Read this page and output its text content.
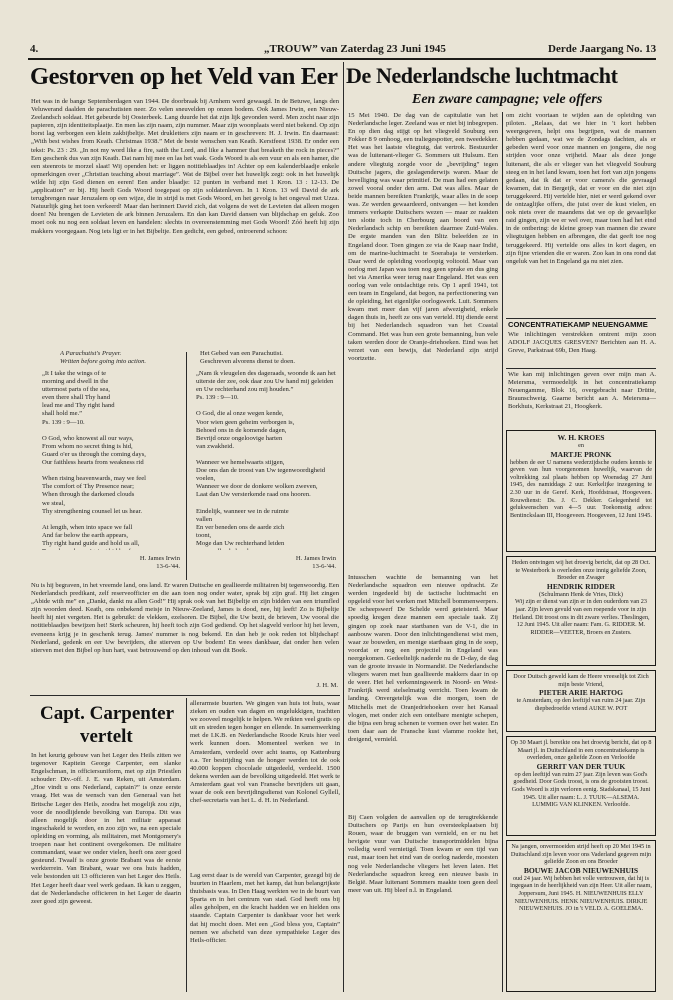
4.	„TROUW” van Zaterdag 23 Juni 1945	Derde Jaargang No. 13
Gestorven op het Veld van Eer
Het was in de bange Septemberdagen van 1944. De doorbraak bij Arnhem werd gewaagd. In de Betuwe, langs den Veluwerand daalden de parachutisten neer. Zo velen sneuvelden op onzen bodem. Ook James Irwin, een Nieuw-Zeelandsch soldaat. Het gebeurde bij Oosterbeek. Lang duurde het dat zijn lijk gevonden werd. Men zocht naar zijn papieren, zijn identiteitsplaatje. En men las zijn naam, zijn nummer. Maar zijn woonplaats werd niet bekend. Op zijn borst lag verborgen een klein zakbijbeltje. Met drukletters zijn naam er in geschreven: H. J. Irwin. En daarnaast: „With best wishes from Keath. Christmas 1938.” Met de beste wenschen van Keath. Kerstfeest 1938. Er onder een tekst: Ps. 23 : 29. „In not my word like a fire, saith the Lord, and like a hammer that breaketh the rock in pieces?” Een geschenk dus van zijn Keath. Dat nam hij mee en las het vaak. Gods Woord is als een vuur en als een hamer, die een steenrots te morzel slaat! Wij openden het: er liggen notitieblaadjes in! Achter op een kalenderblaadje enkele opmerkingen over „Christian teaching about marriage”. Wat de Bijbel over het huwelijk zegt: ook in het huwelijk wilde hij zijn God dienen en eeren! Een ander blaadje: 12 punten in verband met 1 Kron. 13 : 12-13. De „application” er bij. Hij heeft Gods Woord toegepast op zijn soldatenleven. In 1 Kron. 13 wil David de ark terugbrengen naar Jeruzalem op een wijze, die in strijd is met Gods Woord, en het gevolg is het ongeval met Uzza. Natuurlijk ging het toen verkeerd! Maar dan herinnert David zich, dat volgens de wet de Levieten dat alleen mogen doen! Nu brengen de Levieten de ark binnen Jeruzalem. En dan kan David dansen van blijdschap en geluk. Zoo moet ook nu nog een soldaat leven en handelen: slechts in overeenstemming met Gods Woord! Zóó heeft hij zijn makkers voorgegaan. Nog iets ligt er in het Bijbeltje. Een gedicht, een gebed, ontroerend schoon:
A Parachutist's Prayer.
Written before going into action.
Het Gebed van een Parachutist.
Geschreven alvorens dienst te doen.
„It I take the wings of te
morning and dwell in the
uttermost parts of the sea,
even there shall Thy hand
lead me and Thy right hand
shall hold me.”
Ps. 139 : 9—10.

O God, who knowest all our ways,
From whom no secret thing is hid,
Guard o'er us through the coming days,
Our faithless hearts from weakness rid

When rising heavenwards, may we feel
The comfort of Thy Presence near;
When through the darkened clouds
we steal,
Thy strengthening counsel let us hear.

At length, when into space we fall
And far below the earth appears,
Thy right hand guide and hold us all,

„Nam ik vleugelen des dageraads, woonde ik aan het uiterste der zee, ook daar zou Uw hand mij geleiden en Uw rechterhand zou mij houden.”
Ps. 139 : 9—10.

O God, die al onze wegen kende,
Voor wien geen geheim verborgen is,
Behoed ons in de komende dagen,
Bevrijd onze ongeloovige harten
van zwakheid.

Wanneer we hemelwaarts stijgen,
Doe ons dan de troost van Uw tegenwoordigheid voelen,
Wanneer we door de donkere wolken zweven,
Laat dan Uw versterkende raad ons hooren.

Eindelijk, wanneer we in de ruimte
vallen
En ver beneden ons de aarde zich
toont,
Moge dan Uw rechterhand leiden

H. James Irwin
13-6-'44.
H. James Irwin
13-6-'44.
Nu is hij begraven, in het vreemde land, ons land. Er waren Duitsche en geallieerde militairen bij tegenwoordig. Een Nederlandsch predikant, zelf reserveofficier en die aan toen nog onder water, sprak bij zijn graf. Hij liet zingen „Abide with me” en „Dankt, dankt nu allen God!” Hij sprak ook van het Bijbeltje en zijn bidden van een triumfled zijn woorden deed. Keath, ons onbekend meisje in Nieuw-Zeeland, James is dood, nee, hij leeft! Zo is Bijbeltje heeft hij niet vergeten. Het is gebruikt: de vlekken, ezelsoren. De Bijbel, die Uw bezit, de brieven, Uw vooral die notitieblaadjes bewijzen het! Sterk scheuren, hij heeft toch zijn God gediend. Op het slagveld verloor hij het leven, eveneens krijg je in geschenk terug. James' nummer is nog bekend. En dan heb je ook reden tot blijdschap! Nederland, gedenk en eer Uw bevrijders, die stierven op Uw bodem! En wees dankbaar, dat onder hen velen stierven met den Bijbel op hun hart, vast betrouwend op den inhoud van dit Boek.
J. H. M.
Capt. Carpenter
vertelt
In het keurig gebouw van het Leger des Heils zitten we tegenover Kapitein George Carpenter, een slanke Engelschman, in officiersuniform, met op zijn Priestlen schouder: Dtv.-off. J. E. van Reken, uit Amsterdam. „Hoe vindt u ons Nederland, captain?” is onze eerste vraag. Het was de wensch van den Generaal van het Britsche Leger des Heils, zoodra het mogelijk zou zijn, voor de noodlijdende bevolking van Europa. Dit was alleen mogelijk door in het militair apparaat ingeschakeld te worden, en zoo zijn we, na een speciale opleiding en vorming, als militairen, met Montgomery's troepen naar het continent overgekomen. De militaire commandant, waar we onder vielen, heeft ons zeer goed gesteund. Twaalf is onze groote Brabant was de eerste werkterrein. Van Brabant, waar we ons huis hadden, vele bestonden uit 13 officieren van het Leger des Heils. Het Leger heeft daar veel werk gedaan. Ik kan u zeggen, dat de Nederlandsche officieren in het Leger de daarin zeer goed zijn geweest.
allerarmste buurten. We gingen van huis tot huis, waar zieken en ouden van dagen en ongelukkigen, trachtten we zooveel mogelijk te helpen. We reikten veel gratis op uit en streden tegen honger en ellende. In samenwerking met de I.K.B. en Nederlandsche Roode Kruis hier veel werk kunnen doen. Momenteel werken we in Amsterdam, verdeeld over acht teams, op Kattenburg e.a. Ter bestrijding van de honger werden tot de ook 40.000 koppen chocolade uitgedeeld, verdeeld. 1500 dekens werden aan de bevolking uitgedeeld. Het werk te Amsterdam gaat vol van Fransche bevrijders uit gaan, waar de ook een bevrijdingsdienst van Kolonel Gyllell, chef-secretaris van het L. d. H. in Nederland.
Lag eerst daar is de wereld van Carpenter, gezegd bij de buurten in Haarlem, met het kamp, dat hun belangrijkste thuisbasis was. In Den Haag werkten we in de buurt van Sparta en in het centrum van stad. God heeft ons bij alles geholpen, en die kracht hadden we en hielden ons staande. Captain Carpenter is dankbaar voor het werk dat hij mocht doen. Met een „God bless you, Captain” nemen we afscheid van deze sympathieke Leger des Heils-officier.
De Nederlandsche luchtmacht
Een zware campagne; vele offers
15 Mei 1940. De dag van de capitulatie van het Nederlandsche leger. Zeeland was er niet bij inbegrepen. En op dien dag stijgt op het vliegveld Souburg een Fokker 8 9 omhoog, een traliegespotter, een tweedekker. Het was het laatste vliegtuig, dat vertrok. Bestuurder was de luitenant-vlieger G. Sommers uit Hulsum. Een andere vliegtuig zorgde voor de „bevrijding” tegen Duitsche jagers, die geslagenderwijs waren. Maar de bevelliging was waar primitief. De man had een gelaten zowel vooral onder den arm. Dat was alles. Maar de beide mannen bereikten Frankrijk, waar alles in de soep was. Ze werden gewaardeerd, ontvangen — het konden immers verkapte Duitschers wezen — maar ze raakten ten slotte toch in Cherbourg aan boord van een Nederlandsch schip en bereikten daarmee Zuid-Wales. De ergste manden van den Blitz beleefden ze in Engeland door. Toen gingen ze via de Kaap naar Indië, om de marine-luchtmacht te Soerabaja te versterken. Daar werd de opleiding voorloopig voltooid. Maar van oorlog met Japan was toen nog geen sprake en dus ging het via Amerika weer terug naar Engeland. Het was een oorlog van vele ontslachtige reis. Op 1 april 1941, tot een team in Engeland, dat begon, na perfectionering van de opleiding, het eigenlijke oorlogswerk. Luit. Sommers kwam met meer dan vijf jaren afwezigheid, enkele dagen thuis in, heeft ze ons van verteld. Hij diende eerst bij het Nederlandsch squadron van het Coastal Command. Het was hun een grote bemanning, hun vele taken werden door de Oranje-driehoeken. Eind was het verzet van een bewijs, dat Nederland zijn strijd voortzette.
Intusschen wachtte de bemanning van het Nederlandsche squadron een nieuwe opdracht. Ze werden ingedeeld bij de tactische luchtmacht en opgeleid voor het werken met Mitchell bommenwerpers. De scheepswerf De Schelde werd geteisterd. Maar spoedig kregen deze mannen een speciale taak. Zij gingen op zoek naar startbanen van de V-1, die in aanbouw waren. Door den inlichtingendienst wist men, waar ze bouwden, en menige startbaan ging in de soep, voordat er nog een projectiel in Engeland was neergekomen. Gedeeltelijk naderde nu de D-day, de dag van de groote invasie in Normandië. De Nederlandsche vliegers waren met hun geallieerde makkers daar in op de weer. Het hel verkenningswerk in Noord- en West-Frankrijk werd stelselmatig verricht. Toen kwam de landing. Onvergetelijk was die morgen, toen de Mitchells met de Oranjedriehoeken over het Kanaal vlogen, met onder zich een ontelbare menigte schepen, die bijna een brug schenen te vormen over het water. En toen daar aan de Fransche kust vlamme rookte het, dreigend, vernield.
Bij Caen volgden de aanvallen op de terugtrekkende Duitschers op Parijs en hun oversteekplaatsen bij Rouen, waar de bruggen van vernield, en er nu het hevigste vuur van Duitsche transportmiddelen bijna volledig werd vernietigd. Toen kwam er een tijd van rust, maar toen het eind van de oorlog naderde, moesten nog vele Nederlandsche vliegers het leven laten. Het Nederlandsche squadron kreeg een nieuwe basis in België. Maar luitenant Sommers maakte toen geen deel meer van uit. Hij bleef n.l. in Engeland.
om zicht voortaan te wijden aan de opleiding van piloten. „Relaas, dat we hier in 't kort hebben weergegeven, helpt ons begrijpen, wat de mannen hebben gedaan, wat we de Zondags dachten, als er gebeden werd voor onze mannen en jongens, die nog strijden voor onze vrijheid. Maar als deze jonge luitenant, die als er vlieger van het vliegveld Souburg steeg en in het land kwam, toen het fort van zijn jongens gedaan, dat ik dat er voor camera's die gevraagd kwamen, dat in Bergeijk, dat er voor en die niet zijn teruggekeerd. Hij vertelde hier, niet er werd gekend over de ontzaglijke offers, die juist over de kust vielen, en ook niets over de maandens dat we op de gevaarlijke raid gingen, zijn we er wel over, maar toen had het eind in de ontbering: de kleine groep van mannen die zware vliegtuigen hebben en afbrengen, die dat geeft toe nog teruggekeerd. Hij vertelde ons alles in kort dagen, en zijn fijne vrienden die er waren. Zoo kan in ons rond dat ongeluk van het in Engeland ga nu niet zien.
CONCENTRATIEKAMP NEUENGAMME
Wie inlichtingen verstrekken omtrent mijn zoon ADOLF JACQUES GRESVEN? Berichten aan H. A. Greve, Parkstraat 69b, Den Haag.
Wie kan mij inlichtingen geven over mijn man A. Meiersma, vermoedelijk in het concentratiekamp Neuengamme, Blok 16, overgebracht naar Drütte, Braunschweig. Gaarne bericht aan A. Meiersma—Borkhuis, Kerkstraat 21, Hoogkerk.
W. H. KROES
en
MARTJE PRONK
hebben de eer U namens wederzijdsche ouders kennis te geven van hun voorgenomen huwelijk, waarvan de voltrekking zal plaats hebben op Woensdag 27 Juni 1945, des namiddags 2 uur. Kerkelijke inzegening te 2.30 uur in de Geref. Kerk, Hoofdstraat, Hoogeveen. Rouwdienst: Ds. J. C. Dekker. Gelegenheid tot gelukwenschen van 4—5 uur. Toekomstig adres: Bentinckslaan III, Hoogeveen. Hoogeveen, 12 Juni 1945.
Heden ontvingen wij het droevig bericht, dat op 28 Oct. te Westerbork is overleden onze innig geliefde Zoon, Broeder en Zwager
HENDRIK RIDDER
(Schulmann Henk de Vries, Dick)
Wij zijn er dienst van zijn er in den ouderdom van 23 jaar. Zijn leven gevuld van een roepende voor in zijn Heiland. Dit troost ons in dit zware verlies. Theslingen, 12 Juni 1945. Uit aller naam: Fam. G. RIDDER. M. RIDDER—VEETER, Broers en Zusters.
Door Duitsch geweld kam de Heere vreeselijk tot Zich mijn beste Vriend,
PIETER ARIE HARTOG
te Amsterdam, op den leeftijd van ruim 24 jaar. Zijn diepbedroefde vriend AUKE W. POT
Op 30 Maart jl. bereikte ons het droevig bericht, dat op 8 Maart jl. in Duitschland in een concentratiekamp is overleden, onze geliefde Zoon en Verloofde
GERRIT VAN DER TUUK
op den leeftijd van ruim 27 jaar. Zijn leven was God's goedheid. Door Gods troost, is ons de grootsten troost. Gods Woord is zijn verloren eenig. Stadskanaal, 15 Juni 1945. Uit aller naam: L. J. TUUK—ALSEMA. LUMMIG VAN KLINKEN. Verloofde.
Na jangen, onvermoeiden strijd heeft op 20 Mei 1945 in Duitschland zijn leven voor ons Vaderland gegeven mijn geliefde Zoon en ons Broeder
BOUWE JACOB NIEUWENHUIS
oud 24 jaar. Wij hebben het volle vertrouwen, dat hij is ingegaan in de heerlijkheid van zijn Heer. Uit aller naam, Joppersum, Juni 1945. H. NIEUWENHUIS ELLY NIEUWENHUIS. HENK NIEUWENHUIS. DIRKJE NIEUWENHUIS. JO in 't VELD. A. GOELEMA.
